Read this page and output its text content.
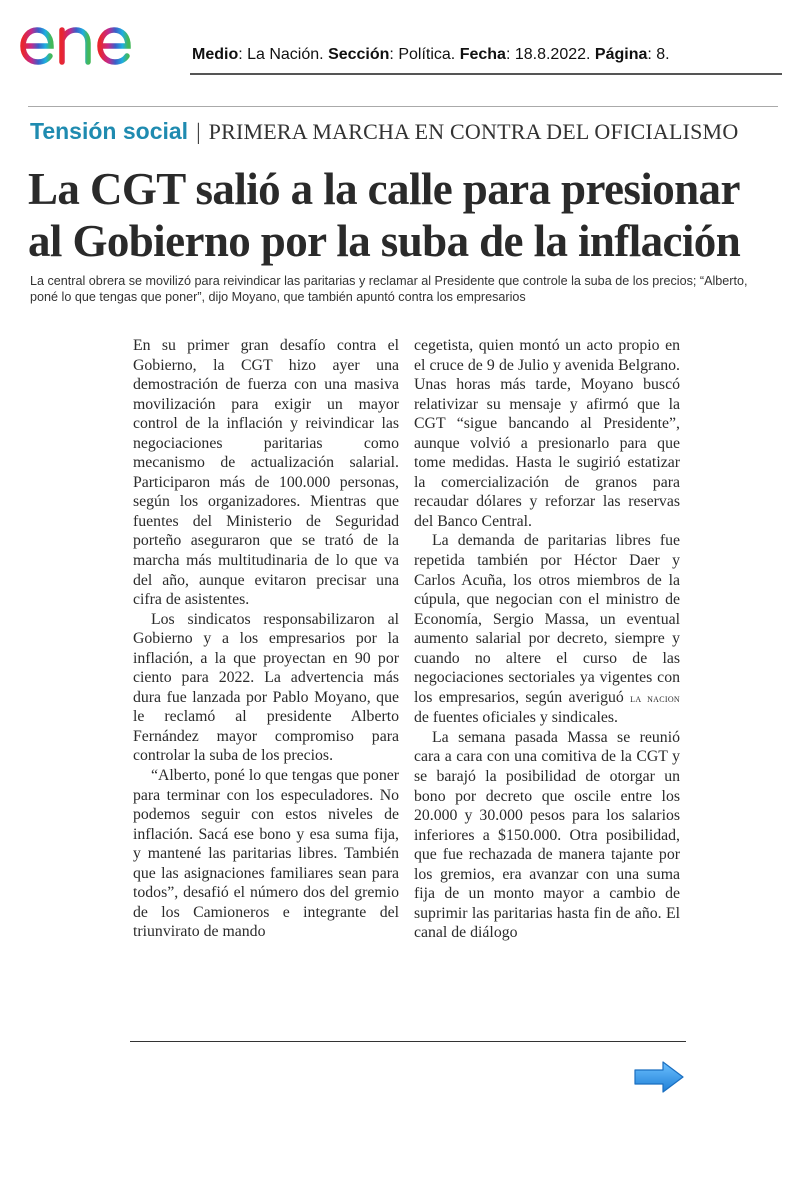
Medio: La Nación. Sección: Política. Fecha: 18.8.2022. Página: 8.
Tensión social | PRIMERA MARCHA EN CONTRA DEL OFICIALISMO
La CGT salió a la calle para presionar
al Gobierno por la suba de la inflación
La central obrera se movilizó para reivindicar las paritarias y reclamar al Presidente que controle la suba de los precios; “Alberto, poné lo que tengas que poner”, dijo Moyano, que también apuntó contra los empresarios

En su primer gran desafío contra el Gobierno, la CGT hizo ayer una demostración de fuerza con una masiva movilización para exigir un mayor control de la inflación y reivindicar las negociaciones paritarias como mecanismo de actualización salarial. Participaron más de 100.000 personas, según los organizadores. Mientras que fuentes del Ministerio de Seguridad porteño aseguraron que se trató de la marcha más multitudinaria de lo que va del año, aunque evitaron precisar una cifra de asistentes.

Los sindicatos responsabilizaron al Gobierno y a los empresarios por la inflación, a la que proyectan en 90 por ciento para 2022. La advertencia más dura fue lanzada por Pablo Moyano, que le reclamó al presidente Alberto Fernández mayor compromiso para controlar la suba de los precios.

“Alberto, poné lo que tengas que poner para terminar con los especuladores. No podemos seguir con estos niveles de inflación. Sacá ese bono y esa suma fija, y mantené las paritarias libres. También que las asignaciones familiares sean para todos”, desafió el número dos del gremio de los Camioneros e integrante del triunvirato de mando

cegetista, quien montó un acto propio en el cruce de 9 de Julio y avenida Belgrano. Unas horas más tarde, Moyano buscó relativizar su mensaje y afirmó que la CGT “sigue bancando al Presidente”, aunque volvió a presionarlo para que tome medidas. Hasta le sugirió estatizar la comercialización de granos para recaudar dólares y reforzar las reservas del Banco Central.

La demanda de paritarias libres fue repetida también por Héctor Daer y Carlos Acuña, los otros miembros de la cúpula, que negocian con el ministro de Economía, Sergio Massa, un eventual aumento salarial por decreto, siempre y cuando no altere el curso de las negociaciones sectoriales ya vigentes con los empresarios, según averiguó la nacion de fuentes oficiales y sindicales.

La semana pasada Massa se reunió cara a cara con una comitiva de la CGT y se barajó la posibilidad de otorgar un bono por decreto que oscile entre los 20.000 y 30.000 pesos para los salarios inferiores a $150.000. Otra posibilidad, que fue rechazada de manera tajante por los gremios, era avanzar con una suma fija de un monto mayor a cambio de suprimir las paritarias hasta fin de año. El canal de diálogo
